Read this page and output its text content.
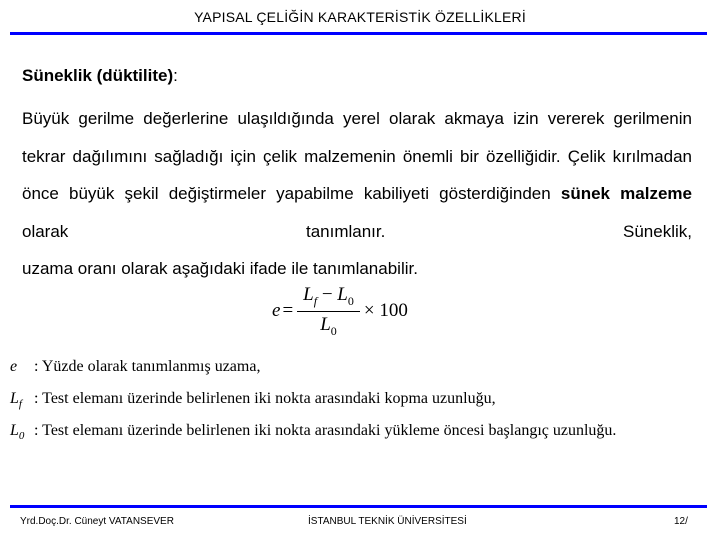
YAPISAL ÇELİĞİN KARAKTERİSTİK ÖZELLİKLERİ
Süneklik (düktilite):
Büyük gerilme değerlerine ulaşıldığında yerel olarak akmaya izin vererek gerilmenin tekrar dağılımını sağladığı için çelik malzemenin önemli bir özelliğidir. Çelik kırılmadan önce büyük şekil değiştirmeler yapabilme kabiliyeti gösterdiğinden sünek malzeme olarak tanımlanır. Süneklik,
uzama oranı olarak aşağıdaki ifade ile tanımlanabilir.
$e = \frac{L_f - L_0}{L_0} \times 100$
e : Yüzde olarak tanımlanmış uzama,
$L_f$ : Test elemanı üzerinde belirlenen iki nokta arasındaki kopma uzunluğu,
$L_0$ : Test elemanı üzerinde belirlenen iki nokta arasındaki yükleme öncesi başlangıç uzunluğu.
Yrd.Doç.Dr. Cüneyt VATANSEVER	İSTANBUL TEKNİK ÜNİVERSİTESİ	12/
